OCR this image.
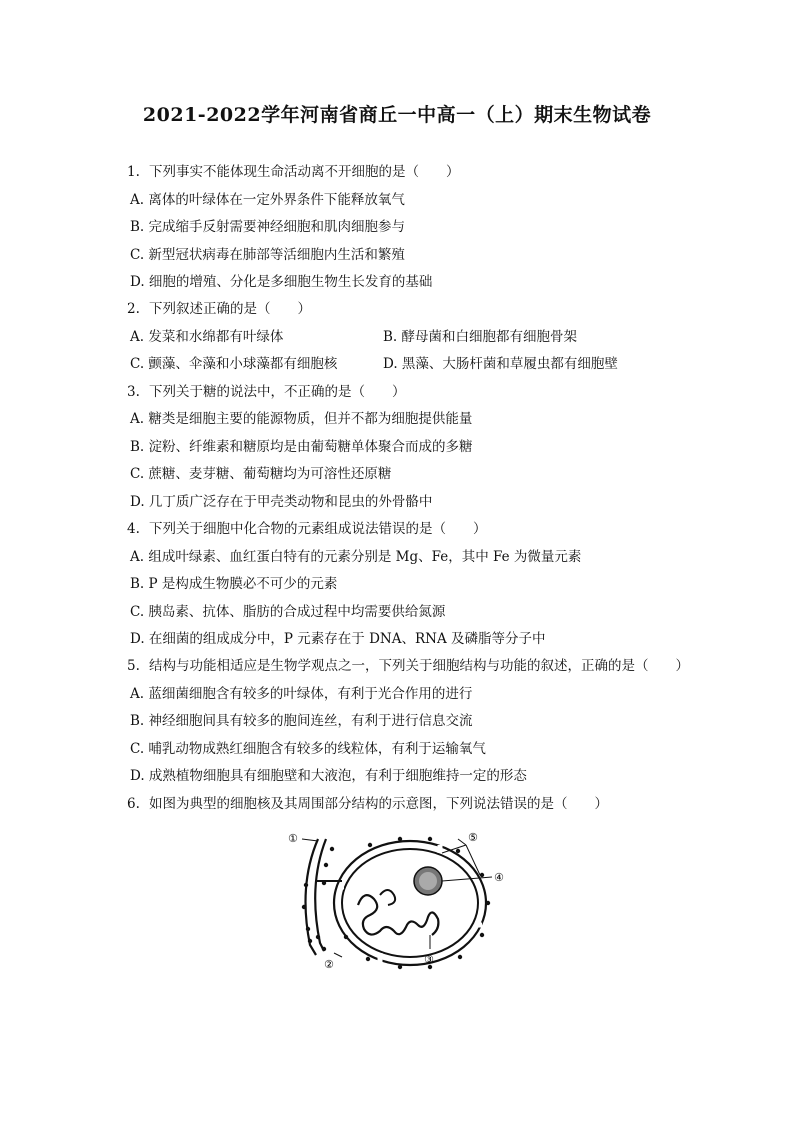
2021-2022学年河南省商丘一中高一（上）期末生物试卷
1. 下列事实不能体现生命活动离不开细胞的是（　　）
A. 离体的叶绿体在一定外界条件下能释放氧气
B. 完成缩手反射需要神经细胞和肌肉细胞参与
C. 新型冠状病毒在肺部等活细胞内生活和繁殖
D. 细胞的增殖、分化是多细胞生物生长发育的基础
2. 下列叙述正确的是（　　）
A. 发菜和水绵都有叶绿体	B. 酵母菌和白细胞都有细胞骨架
C. 颤藻、伞藻和小球藻都有细胞核	D. 黑藻、大肠杆菌和草履虫都有细胞壁
3. 下列关于糖的说法中，不正确的是（　　）
A. 糖类是细胞主要的能源物质，但并不都为细胞提供能量
B. 淀粉、纤维素和糖原均是由葡萄糖单体聚合而成的多糖
C. 蔗糖、麦芽糖、葡萄糖均为可溶性还原糖
D. 几丁质广泛存在于甲壳类动物和昆虫的外骨骼中
4. 下列关于细胞中化合物的元素组成说法错误的是（　　）
A. 组成叶绿素、血红蛋白特有的元素分别是 Mg、Fe，其中 Fe 为微量元素
B. P 是构成生物膜必不可少的元素
C. 胰岛素、抗体、脂肪的合成过程中均需要供给氮源
D. 在细菌的组成成分中，P 元素存在于 DNA、RNA 及磷脂等分子中
5. 结构与功能相适应是生物学观点之一，下列关于细胞结构与功能的叙述，正确的是（　　）
A. 蓝细菌细胞含有较多的叶绿体，有利于光合作用的进行
B. 神经细胞间具有较多的胞间连丝，有利于进行信息交流
C. 哺乳动物成熟红细胞含有较多的线粒体，有利于运输氧气
D. 成熟植物细胞具有细胞壁和大液泡，有利于细胞维持一定的形态
6. 如图为典型的细胞核及其周围部分结构的示意图，下列说法错误的是（　　）
①
②	③
④
⑤
